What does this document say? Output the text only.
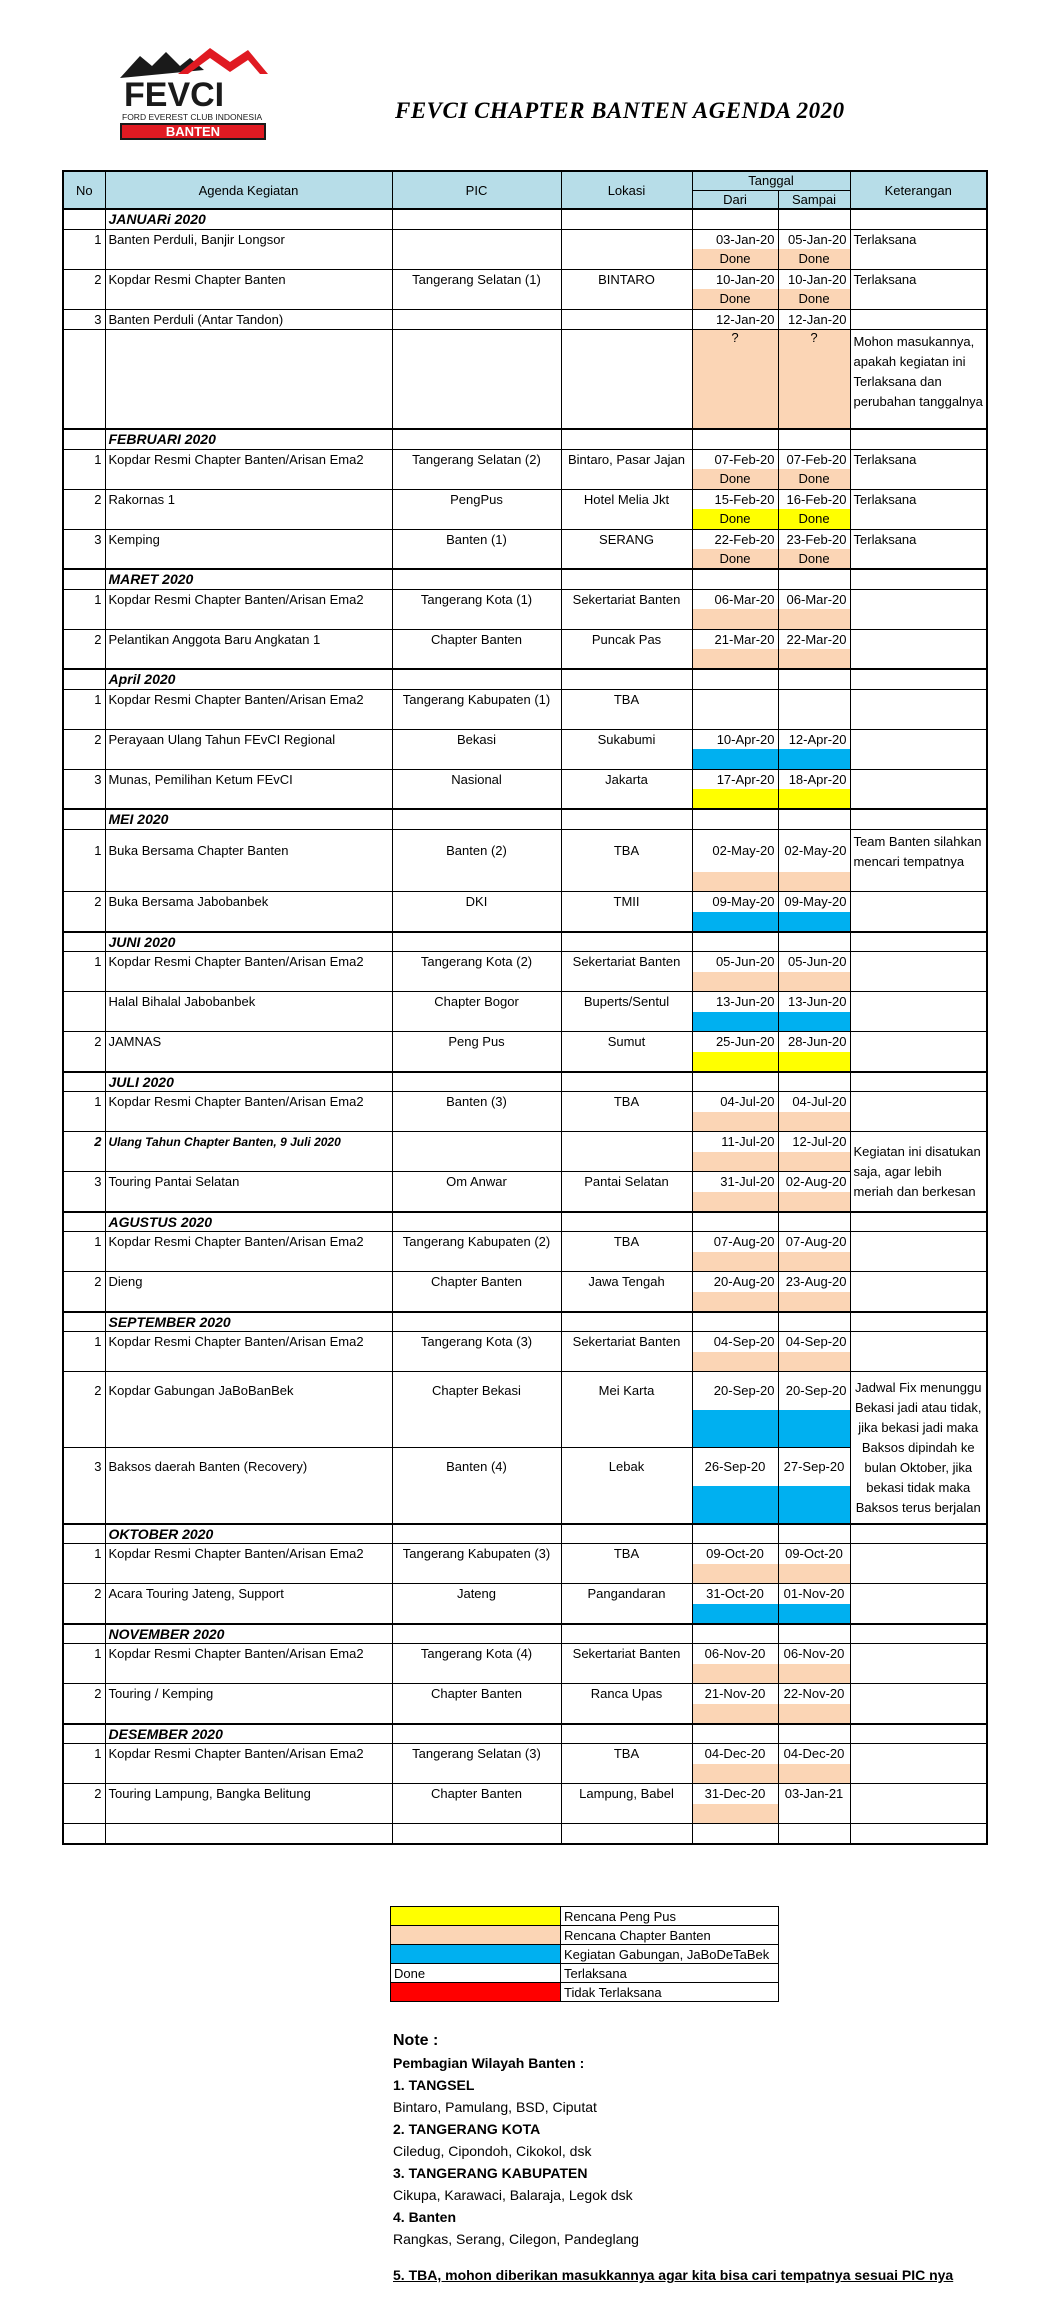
FEVCI
FORD EVEREST CLUB INDONESIA
BANTEN
FEVCI CHAPTER BANTEN AGENDA 2020
No	Agenda Kegiatan	PIC	Lokasi	Tanggal		Keterangan
				Dari	Sampai	
	JANUARi 2020					
1	Banten Perduli, Banjir Longsor			03-Jan-20	05-Jan-20	Terlaksana
				Done	Done	
2	Kopdar Resmi Chapter Banten	Tangerang Selatan (1)	BINTARO	10-Jan-20	10-Jan-20	Terlaksana
				Done	Done	
3	Banten Perduli (Antar Tandon)			12-Jan-20	12-Jan-20	
				?	?	Mohon masukannya, apakah kegiatan ini Terlaksana dan perubahan tanggalnya
	FEBRUARI 2020					
1	Kopdar Resmi Chapter Banten/Arisan Ema2	Tangerang Selatan (2)	Bintaro, Pasar Jajan	07-Feb-20	07-Feb-20	Terlaksana
				Done	Done	
2	Rakornas 1	PengPus	Hotel Melia Jkt	15-Feb-20	16-Feb-20	Terlaksana
				Done	Done	
3	Kemping	Banten (1)	SERANG	22-Feb-20	23-Feb-20	Terlaksana
				Done	Done	
	MARET 2020					
1	Kopdar Resmi Chapter Banten/Arisan Ema2	Tangerang Kota (1)	Sekertariat Banten	06-Mar-20	06-Mar-20	

2	Pelantikan Anggota Baru Angkatan 1	Chapter Banten	Puncak Pas	21-Mar-20	22-Mar-20	

	April 2020					
1	Kopdar Resmi Chapter Banten/Arisan Ema2	Tangerang Kabupaten (1)	TBA			

2	Perayaan Ulang Tahun FEvCI Regional	Bekasi	Sukabumi	10-Apr-20	12-Apr-20	

3	Munas, Pemilihan Ketum FEvCI	Nasional	Jakarta	17-Apr-20	18-Apr-20	

	MEI 2020					
1	Buka Bersama Chapter Banten	Banten (2)	TBA	02-May-20	02-May-20	Team Banten silahkan mencari tempatnya

2	Buka Bersama Jabobanbek	DKI	TMII	09-May-20	09-May-20	

	JUNI 2020					
1	Kopdar Resmi Chapter Banten/Arisan Ema2	Tangerang Kota (2)	Sekertariat Banten	05-Jun-20	05-Jun-20	

	Halal Bihalal Jabobanbek	Chapter Bogor	Buperts/Sentul	13-Jun-20	13-Jun-20	

2	JAMNAS	Peng Pus	Sumut	25-Jun-20	28-Jun-20	

	JULI 2020					
1	Kopdar Resmi Chapter Banten/Arisan Ema2	Banten (3)	TBA	04-Jul-20	04-Jul-20	

2	Ulang Tahun Chapter Banten, 9 Juli 2020			11-Jul-20	12-Jul-20	Kegiatan ini disatukan saja, agar lebih meriah dan berkesan

3	Touring Pantai Selatan	Om Anwar	Pantai Selatan	31-Jul-20	02-Aug-20	

	AGUSTUS 2020					
1	Kopdar Resmi Chapter Banten/Arisan Ema2	Tangerang Kabupaten (2)	TBA	07-Aug-20	07-Aug-20	

2	Dieng	Chapter Banten	Jawa Tengah	20-Aug-20	23-Aug-20	

	SEPTEMBER 2020					
1	Kopdar Resmi Chapter Banten/Arisan Ema2	Tangerang Kota (3)	Sekertariat Banten	04-Sep-20	04-Sep-20	

2	Kopdar Gabungan JaBoBanBek	Chapter Bekasi	Mei Karta	20-Sep-20	20-Sep-20	Jadwal Fix menunggu Bekasi jadi atau tidak, jika bekasi jadi maka Baksos dipindah ke bulan Oktober, jika bekasi tidak maka Baksos terus berjalan

3	Baksos daerah Banten (Recovery)	Banten (4)	Lebak	26-Sep-20	27-Sep-20	

	OKTOBER 2020					
1	Kopdar Resmi Chapter Banten/Arisan Ema2	Tangerang Kabupaten (3)	TBA	09-Oct-20	09-Oct-20	

2	Acara Touring Jateng, Support	Jateng	Pangandaran	31-Oct-20	01-Nov-20	

	NOVEMBER 2020					
1	Kopdar Resmi Chapter Banten/Arisan Ema2	Tangerang Kota (4)	Sekertariat Banten	06-Nov-20	06-Nov-20	

2	Touring / Kemping	Chapter Banten	Ranca Upas	21-Nov-20	22-Nov-20	

	DESEMBER 2020					
1	Kopdar Resmi Chapter Banten/Arisan Ema2	Tangerang Selatan (3)	TBA	04-Dec-20	04-Dec-20	

2	Touring Lampung, Bangka Belitung	Chapter Banten	Lampung, Babel	31-Dec-20	03-Jan-21	

	Rencana Peng Pus
	Rencana Chapter Banten
	Kegiatan Gabungan, JaBoDeTaBek
Done	Terlaksana
	Tidak Terlaksana
Note :
Pembagian Wilayah Banten :
1. TANGSEL
Bintaro, Pamulang, BSD, Ciputat
2. TANGERANG KOTA
Ciledug, Cipondoh, Cikokol, dsk
3. TANGERANG KABUPATEN
Cikupa, Karawaci, Balaraja, Legok dsk
4. Banten
Rangkas, Serang, Cilegon, Pandeglang
5. TBA, mohon diberikan masukkannya agar kita bisa cari tempatnya sesuai PIC nya
